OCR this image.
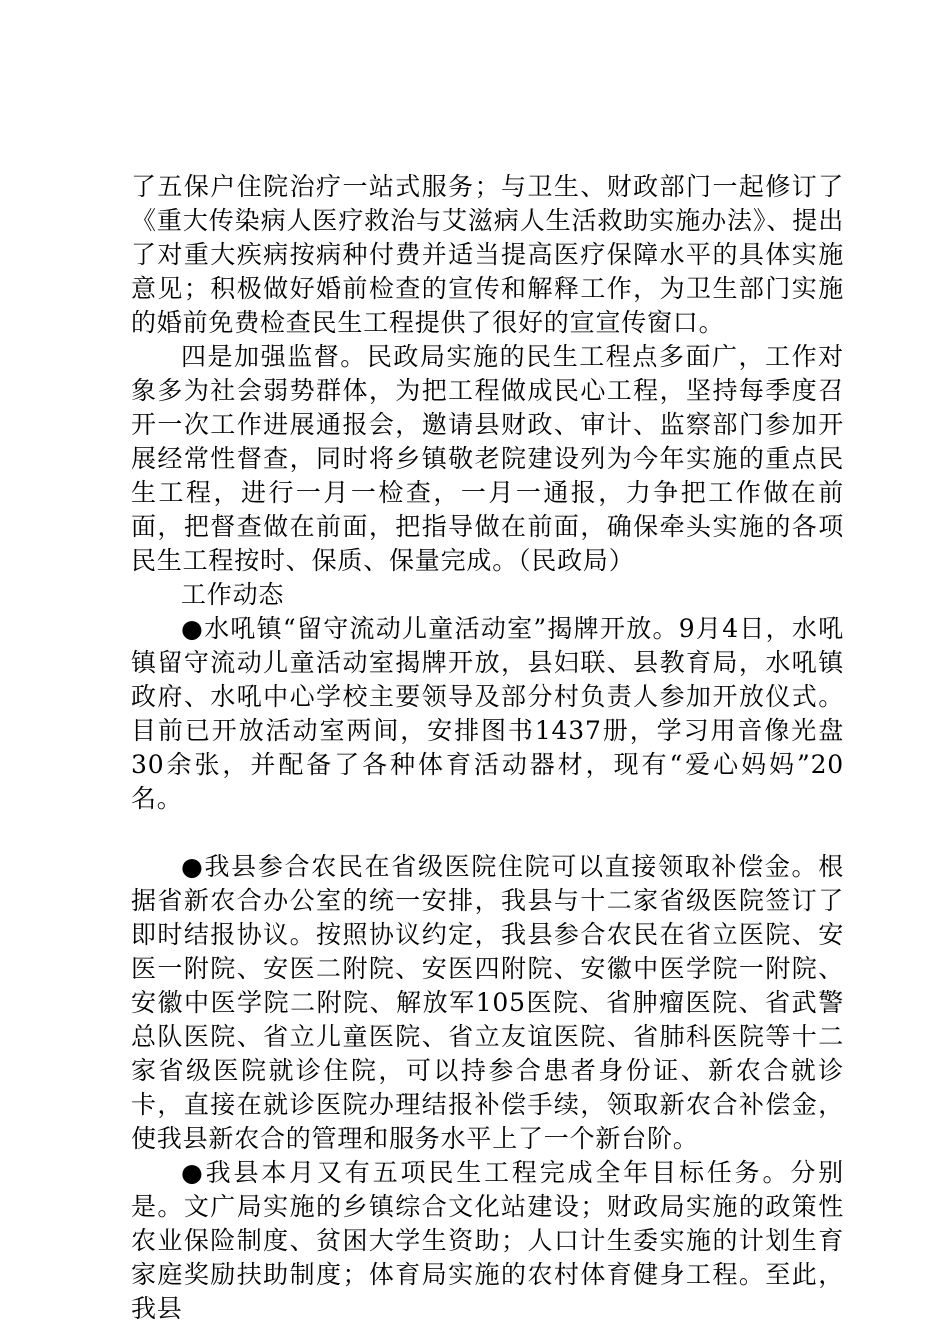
了五保户住院治疗一站式服务；与卫生、财政部门一起修订了《重大传染病人医疗救治与艾滋病人生活救助实施办法》、提出了对重大疾病按病种付费并适当提高医疗保障水平的具体实施意见；积极做好婚前检查的宣传和解释工作，为卫生部门实施的婚前免费检查民生工程提供了很好的宣宣传窗口。

四是加强监督。民政局实施的民生工程点多面广，工作对象多为社会弱势群体，为把工程做成民心工程，坚持每季度召开一次工作进展通报会，邀请县财政、审计、监察部门参加开展经常性督查，同时将乡镇敬老院建设列为今年实施的重点民生工程，进行一月一检查，一月一通报，力争把工作做在前面，把督查做在前面，把指导做在前面，确保牵头实施的各项民生工程按时、保质、保量完成。（民政局）

工作动态

●水吼镇“留守流动儿童活动室”揭牌开放。9月4日，水吼镇留守流动儿童活动室揭牌开放，县妇联、县教育局，水吼镇政府、水吼中心学校主要领导及部分村负责人参加开放仪式。目前已开放活动室两间，安排图书1437册，学习用音像光盘30余张，并配备了各种体育活动器材，现有“爱心妈妈”20名。

●我县参合农民在省级医院住院可以直接领取补偿金。根据省新农合办公室的统一安排，我县与十二家省级医院签订了即时结报协议。按照协议约定，我县参合农民在省立医院、安医一附院、安医二附院、安医四附院、安徽中医学院一附院、安徽中医学院二附院、解放军105医院、省肿瘤医院、省武警总队医院、省立儿童医院、省立友谊医院、省肺科医院等十二家省级医院就诊住院，可以持参合患者身份证、新农合就诊卡，直接在就诊医院办理结报补偿手续，领取新农合补偿金，使我县新农合的管理和服务水平上了一个新台阶。

●我县本月又有五项民生工程完成全年目标任务。分别是。文广局实施的乡镇综合文化站建设；财政局实施的政策性农业保险制度、贫困大学生资助；人口计生委实施的计划生育家庭奖励扶助制度；体育局实施的农村体育健身工程。至此，我县
